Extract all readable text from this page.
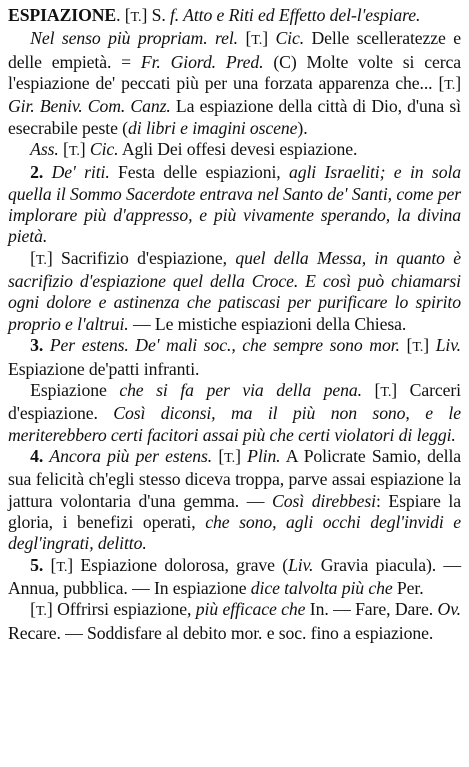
ESPIAZIONE. [T.] S. f. Atto e Riti ed Effetto del-l'espiare.

Nel senso più propriam. rel. [T.] Cic. Delle scelleratezze e delle empietà. = Fr. Giord. Pred. (C) Molte volte si cerca l'espiazione de' peccati più per una forzata apparenza che... [T.] Gir. Beniv. Com. Canz. La espiazione della città di Dio, d'una sì esecrabile peste (di libri e imagini oscene).

Ass. [T.] Cic. Agli Dei offesi devesi espiazione.

2. De' riti. Festa delle espiazioni, agli Israeliti; e in sola quella il Sommo Sacerdote entrava nel Santo de' Santi, come per implorare più d'appresso, e più vivamente sperando, la divina pietà.

[T.] Sacrifizio d'espiazione, quel della Messa, in quanto è sacrifizio d'espiazione quel della Croce. E così può chiamarsi ogni dolore e astinenza che patiscasi per purificare lo spirito proprio e l'altrui. — Le mistiche espiazioni della Chiesa.

3. Per estens. De' mali soc., che sempre sono mor. [T.] Liv. Espiazione de'patti infranti.

Espiazione che si fa per via della pena. [T.] Carceri d'espiazione. Così diconsi, ma il più non sono, e le meriterebbero certi facitori assai più che certi violatori di leggi.

4. Ancora più per estens. [T.] Plin. A Policrate Samio, della sua felicità ch'egli stesso diceva troppa, parve assai espiazione la jattura volontaria d'una gemma. — Così direbbesi: Espiare la gloria, i benefizi operati, che sono, agli occhi degl'invidi e degl'ingrati, delitto.

5. [T.] Espiazione dolorosa, grave (Liv. Gravia piacula). — Annua, pubblica. — In espiazione dice talvolta più che Per.

[T.] Offrirsi espiazione, più efficace che In. — Fare, Dare. Ov. Recare. — Soddisfare al debito mor. e soc. fino a espiazione.
